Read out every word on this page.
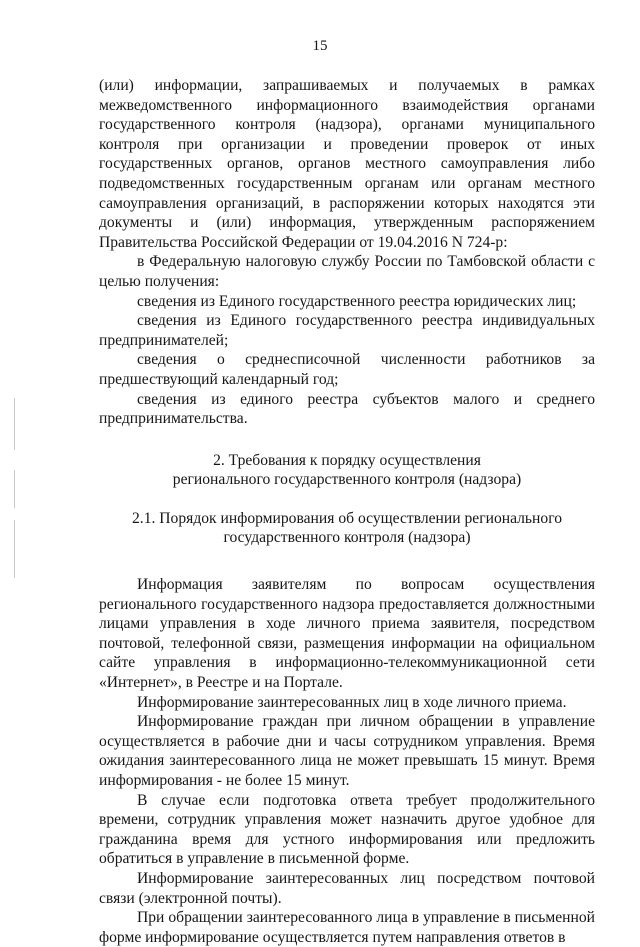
15

(или) информации, запрашиваемых и получаемых в рамках межведомственного информационного взаимодействия органами государственного контроля (надзора), органами муниципального контроля при организации и проведении проверок от иных государственных органов, органов местного самоуправления либо подведомственных государственным органам или органам местного самоуправления организаций, в распоряжении которых находятся эти документы и (или) информация, утвержденным распоряжением Правительства Российской Федерации от 19.04.2016 N 724-р:

в Федеральную налоговую службу России по Тамбовской области с целью получения:

сведения из Единого государственного реестра юридических лиц;

сведения из Единого государственного реестра индивидуальных предпринимателей;

сведения о среднесписочной численности работников за предшествующий календарный год;

сведения из единого реестра субъектов малого и среднего предпринимательства.

2. Требования к порядку осуществления
регионального государственного контроля (надзора)
2.1. Порядок информирования об осуществлении регионального
государственного контроля (надзора)

Информация заявителям по вопросам осуществления регионального государственного надзора предоставляется должностными лицами управления в ходе личного приема заявителя, посредством почтовой, телефонной связи, размещения информации на официальном сайте управления в информационно-телекоммуникационной сети «Интернет», в Реестре и на Портале.

Информирование заинтересованных лиц в ходе личного приема.

Информирование граждан при личном обращении в управление осуществляется в рабочие дни и часы сотрудником управления. Время ожидания заинтересованного лица не может превышать 15 минут. Время информирования - не более 15 минут.

В случае если подготовка ответа требует продолжительного времени, сотрудник управления может назначить другое удобное для гражданина время для устного информирования или предложить обратиться в управление в письменной форме.

Информирование заинтересованных лиц посредством почтовой связи (электронной почты).

При обращении заинтересованного лица в управление в письменной форме информирование осуществляется путем направления ответов в
